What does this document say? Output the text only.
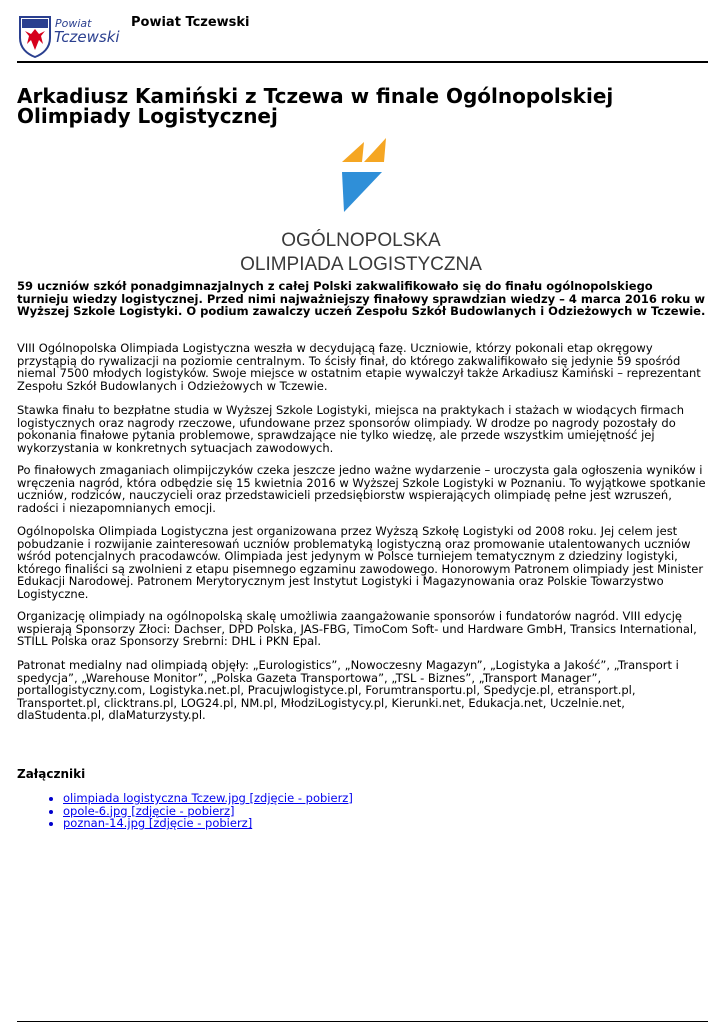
Powiat
Tczewski
Powiat Tczewski
Arkadiusz Kamiński z Tczewa w finale Ogólnopolskiej Olimpiady Logistycznej
OGÓLNOPOLSKA
OLIMPIADA LOGISTYCZNA

59 uczniów szkół ponadgimnazjalnych z całej Polski zakwalifikowało się do finału ogólnopolskiego turnieju wiedzy logistycznej. Przed nimi najważniejszy finałowy sprawdzian wiedzy – 4 marca 2016 roku w Wyższej Szkole Logistyki. O podium zawalczy uczeń Zespołu Szkół Budowlanych i Odzieżowych w Tczewie.

VIII Ogólnopolska Olimpiada Logistyczna weszła w decydującą fazę. Uczniowie, którzy pokonali etap okręgowy przystąpią do rywalizacji na poziomie centralnym. To ścisły finał, do którego zakwalifikowało się jedynie 59 spośród niemal 7500 młodych logistyków. Swoje miejsce w ostatnim etapie wywalczył także Arkadiusz Kamiński – reprezentant Zespołu Szkół Budowlanych i Odzieżowych w Tczewie.

Stawka finału to bezpłatne studia w Wyższej Szkole Logistyki, miejsca na praktykach i stażach w wiodących firmach logistycznych oraz nagrody rzeczowe, ufundowane przez sponsorów olimpiady. W drodze po nagrody pozostały do pokonania finałowe pytania problemowe, sprawdzające nie tylko wiedzę, ale przede wszystkim umiejętność jej wykorzystania w konkretnych sytuacjach zawodowych.

Po finałowych zmaganiach olimpijczyków czeka jeszcze jedno ważne wydarzenie – uroczysta gala ogłoszenia wyników i wręczenia nagród, która odbędzie się 15 kwietnia 2016 w Wyższej Szkole Logistyki w Poznaniu. To wyjątkowe spotkanie uczniów, rodziców, nauczycieli oraz przedstawicieli przedsiębiorstw wspierających olimpiadę pełne jest wzruszeń, radości i niezapomnianych emocji.

Ogólnopolska Olimpiada Logistyczna jest organizowana przez Wyższą Szkołę Logistyki od 2008 roku. Jej celem jest pobudzanie i rozwijanie zainteresowań uczniów problematyką logistyczną oraz promowanie utalentowanych uczniów wśród potencjalnych pracodawców. Olimpiada jest jedynym w Polsce turniejem tematycznym z dziedziny logistyki, którego finaliści są zwolnieni z etapu pisemnego egzaminu zawodowego. Honorowym Patronem olimpiady jest Minister Edukacji Narodowej. Patronem Merytorycznym jest Instytut Logistyki i Magazynowania oraz Polskie Towarzystwo Logistyczne.

Organizację olimpiady na ogólnopolską skalę umożliwia zaangażowanie sponsorów i fundatorów nagród. VIII edycję wspierają Sponsorzy Złoci: Dachser, DPD Polska, JAS-FBG, TimoCom Soft- und Hardware GmbH, Transics International, STILL Polska oraz Sponsorzy Srebrni: DHL i PKN Epal.

Patronat medialny nad olimpiadą objęły: „Eurologistics”, „Nowoczesny Magazyn”, „Logistyka a Jakość”, „Transport i spedycja”, „Warehouse Monitor”, „Polska Gazeta Transportowa”, „TSL - Biznes”, „Transport Manager”, portallogistyczny.com, Logistyka.net.pl, Pracujwlogistyce.pl, Forumtransportu.pl, Spedycje.pl, etransport.pl, Transportet.pl, clicktrans.pl, LOG24.pl, NM.pl, MłodziLogistycy.pl, Kierunki.net, Edukacja.net, Uczelnie.net, dlaStudenta.pl, dlaMaturzysty.pl.

Załączniki
• olimpiada logistyczna Tczew.jpg [zdjęcie - pobierz]
• opole-6.jpg [zdjęcie - pobierz]
• poznan-14.jpg [zdjęcie - pobierz]
